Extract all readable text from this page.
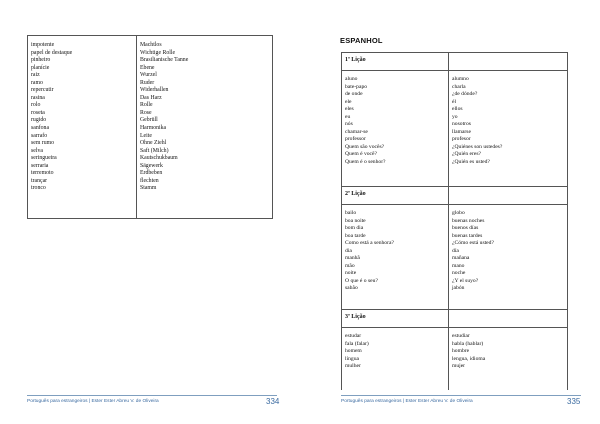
impotente
papel de destaque
pinheiro
planície
raiz
ramo
repercutir
rasina
rolo
roseta
rugido
sanfona
sarrafo
sem rumo
selva
seringueira
serraria
terremoto
trançar
tronco
Machtlos
Wichtige Rolle
Brasilianische Tanne
Ebene
Wurzel
Ruder
Widerhallen
Das Harz
Rolle
Rose
Gebrüll
Harmonika
Leite
Ohne Ziehl
Saft (Milch)
Kautschukbaum
Sägewerk
Erdbeben
flechten
Stamm
Português para estrangeiros | Ester Ester Abreu V. de Oliveira	334
ESPANHOL
1ª Lição
aluno
bate-papo
de onde
ele
eles
eu
nós
chamar-se
professor
Quem são vocês?
Quem é você?
Quem é o senhor?
alumno
charla
¿de dónde?
él
ellos
yo
nosotros
llamarse
profesor
¿Quiénes son ustedes?
¿Quién eres?
¿Quién es usted?
2ª Lição
bailo
boa noite
bom dia
boa tarde
Como está a senhora?
dia
manhã
mão
noite
O que é o seu?
sabão
globo
buenas noches
buenos días
buenas tardes
¿Cómo está usted?
día
mañana
mano
noche
¿Y el suyo?
jabón
3ª Lição
estudar
fala (falar)
homem
língua
mulher
estudiar
habla (hablar)
hombre
lengua, idioma
mujer
Português para estrangeiros | Ester Ester Abreu V. de Oliveira	335
